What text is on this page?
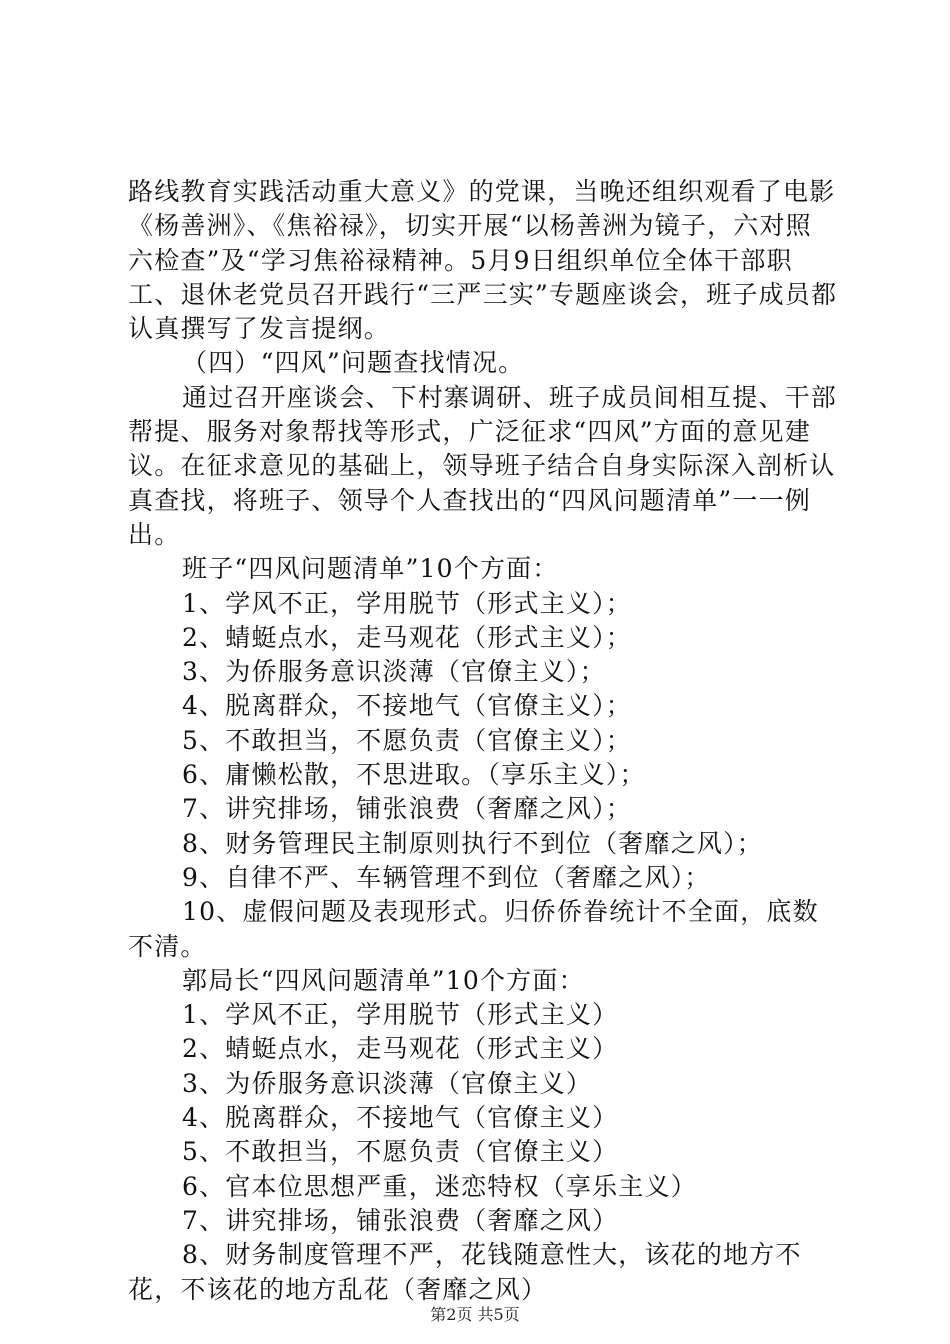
路线教育实践活动重大意义》的党课，当晚还组织观看了电影《杨善洲》、《焦裕禄》，切实开展“以杨善洲为镜子，六对照六检查”及“学习焦裕禄精神。5月9日组织单位全体干部职工、退休老党员召开践行“三严三实”专题座谈会，班子成员都认真撰写了发言提纲。

（四）“四风”问题查找情况。

通过召开座谈会、下村寨调研、班子成员间相互提、干部帮提、服务对象帮找等形式，广泛征求“四风”方面的意见建议。在征求意见的基础上，领导班子结合自身实际深入剖析认真查找，将班子、领导个人查找出的“四风问题清单”一一例出。

班子“四风问题清单”10个方面：

1、学风不正，学用脱节（形式主义）；

2、蜻蜓点水，走马观花（形式主义）；

3、为侨服务意识淡薄（官僚主义）；

4、脱离群众，不接地气（官僚主义）；

5、不敢担当，不愿负责（官僚主义）；

6、庸懒松散，不思进取。（享乐主义）；

7、讲究排场，铺张浪费（奢靡之风）；

8、财务管理民主制原则执行不到位（奢靡之风）；

9、自律不严、车辆管理不到位（奢靡之风）；

10、虚假问题及表现形式。归侨侨眷统计不全面，底数不清。

郭局长“四风问题清单”10个方面：

1、学风不正，学用脱节（形式主义）

2、蜻蜓点水，走马观花（形式主义）

3、为侨服务意识淡薄（官僚主义）

4、脱离群众，不接地气（官僚主义）

5、不敢担当，不愿负责（官僚主义）

6、官本位思想严重，迷恋特权（享乐主义）

7、讲究排场，铺张浪费（奢靡之风）

8、财务制度管理不严，花钱随意性大，该花的地方不花，不该花的地方乱花（奢靡之风）

第2页 共5页
